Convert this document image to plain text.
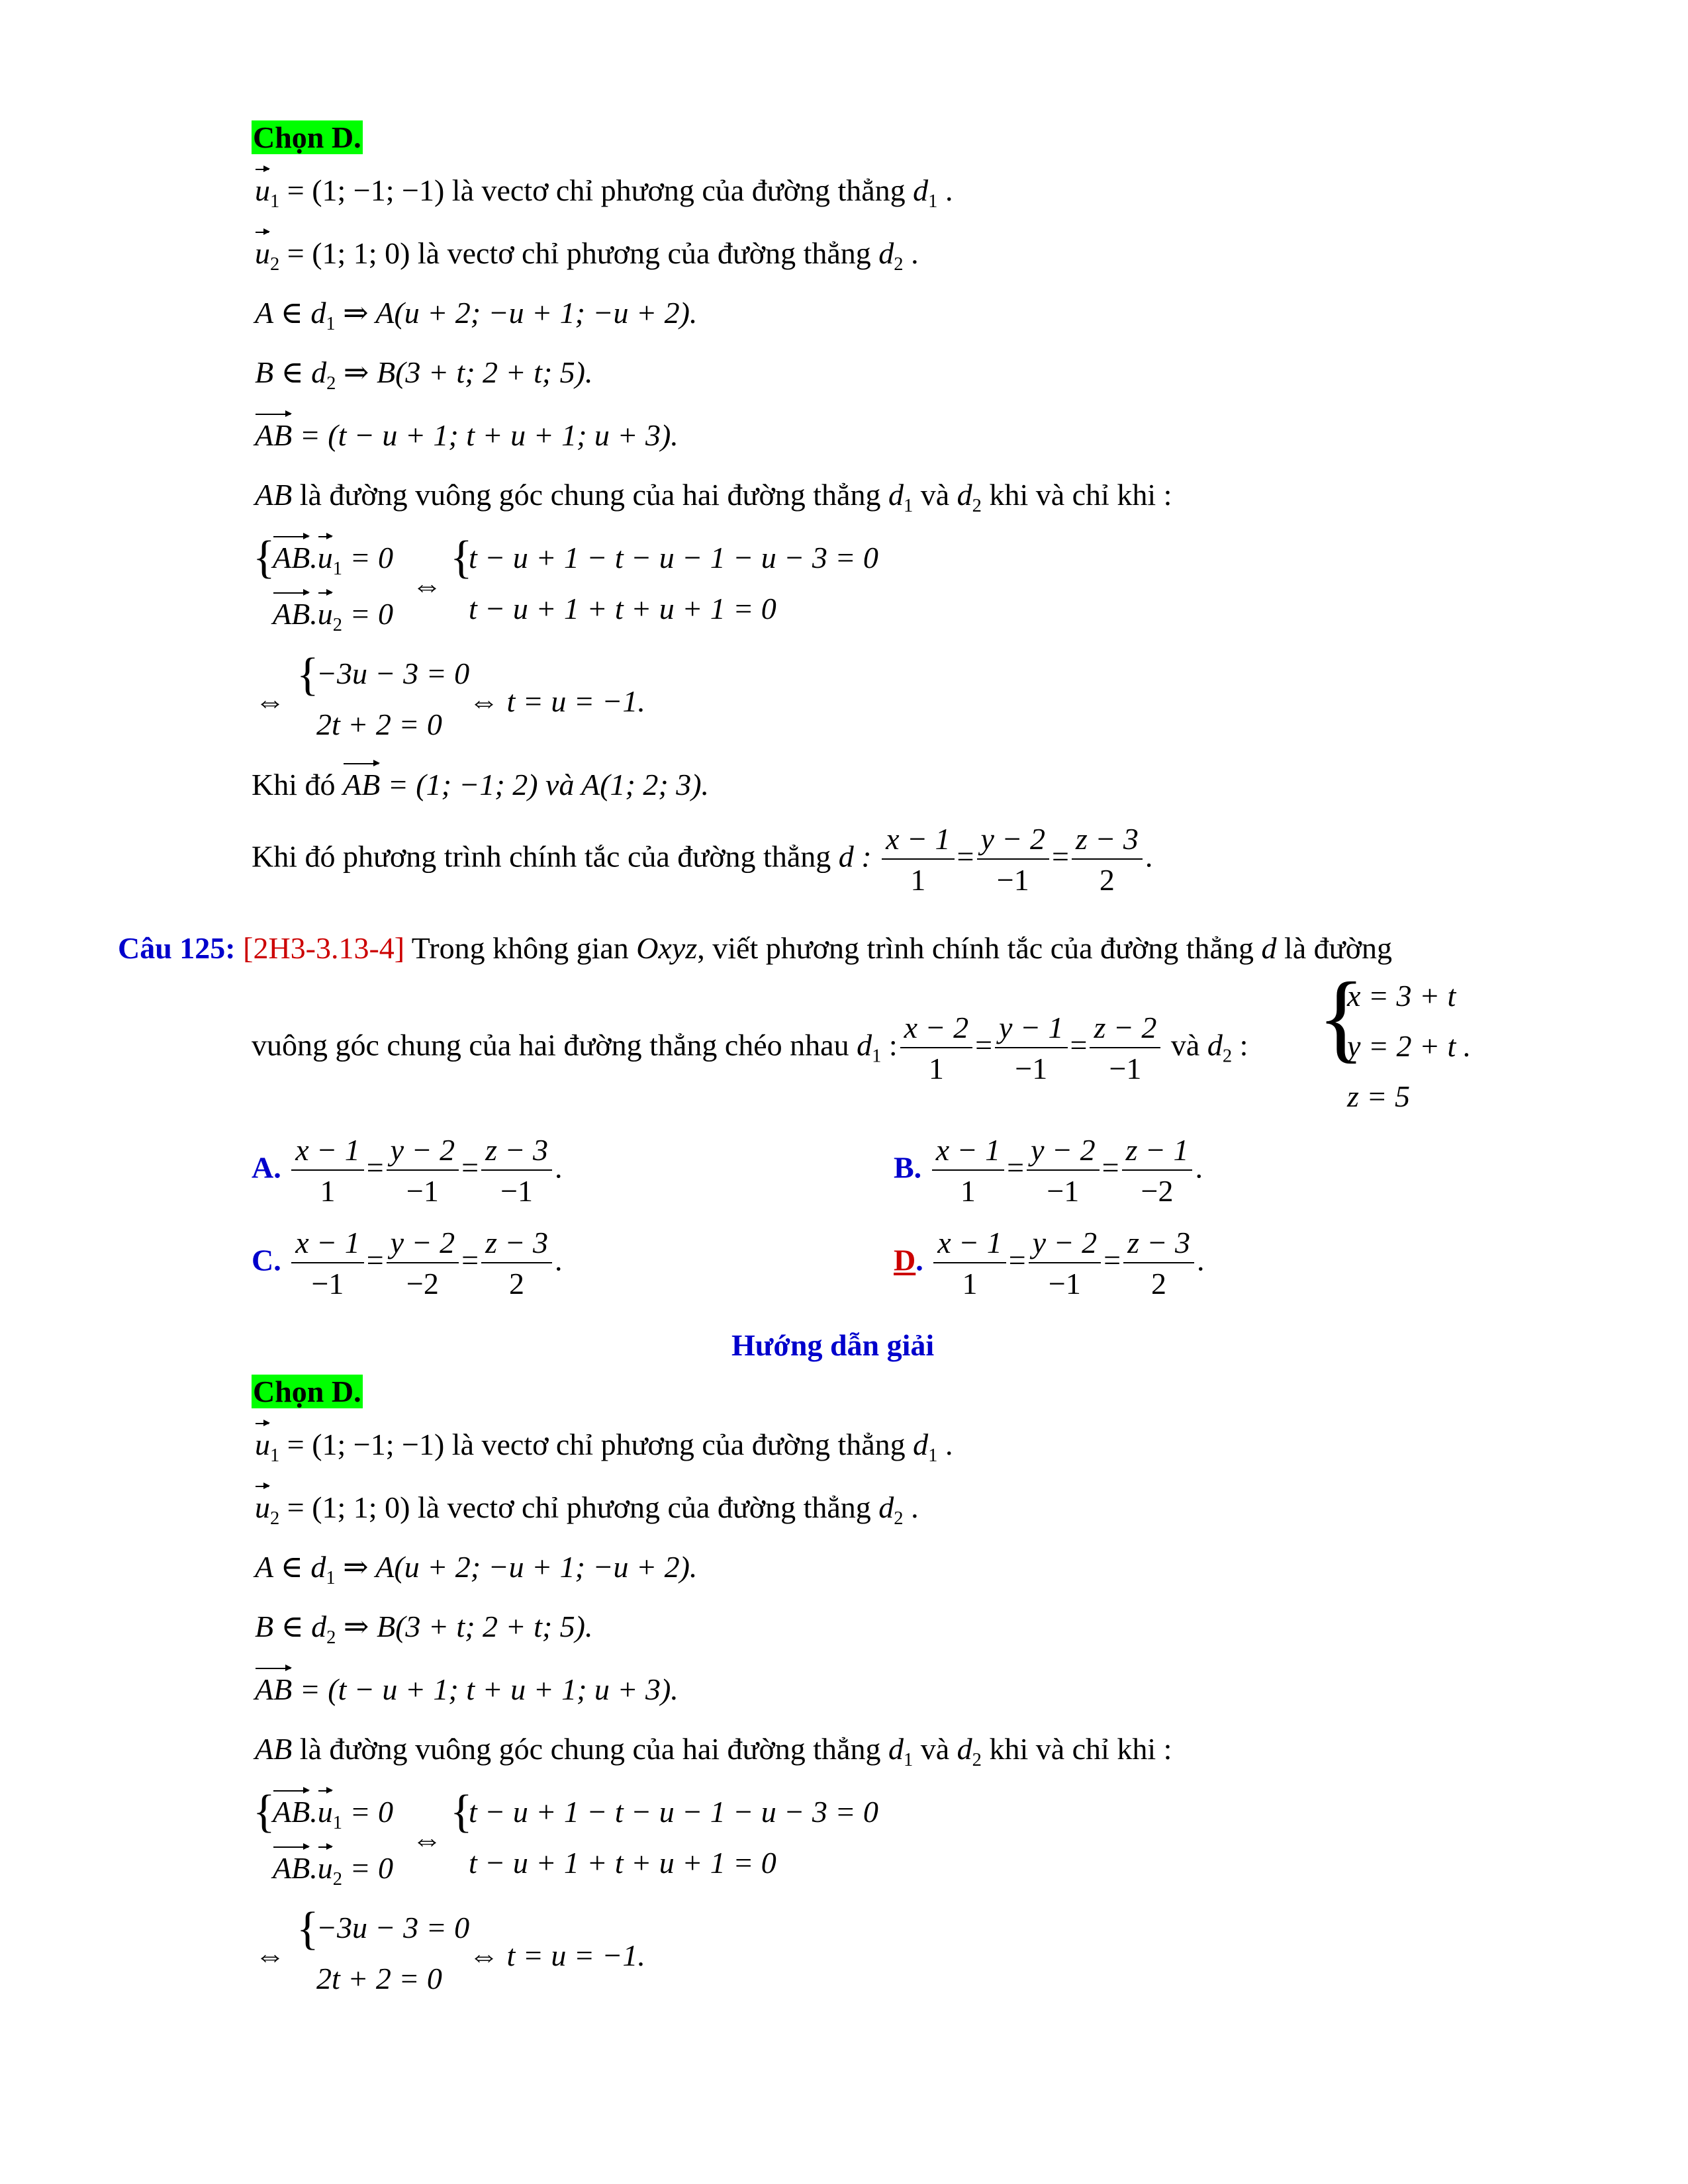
Chọn D.
$u_1 = (1$; −1; −1) là vectơ chỉ phương của đường thẳng $d_1$ .
$u_2 = (1$; 1; 0) là vectơ chỉ phương của đường thẳng $d_2$ .
A ∈ $d_1$ ⇒ A(u + 2; −u + 1; −u + 2).
B ∈ $d_2$ ⇒ B(3 + t; 2 + t; 5).
AB = (t − u + 1; t + u + 1; u + 3).
AB là đường vuông góc chung của hai đường thẳng $d_1$ và $d_2$ khi và chỉ khi :
{
$AB.u_1 = 0$
$AB.u_2 = 0$
⇔
{
t − u + 1 − t − u − 1 − u − 3 = 0
t − u + 1 + t + u + 1 = 0
⇔
{
−3u − 3 = 0
2t + 2 = 0
⇔ t = u = −1.
Khi đó AB = (1; −1; 2) và A(1; 2; 3).
Khi đó phương trình chính tắc của đường thẳng d : $\frac{x - 1}{1} = \frac{y - 2}{-1} = \frac{z - 3}{2}$ .
Câu 125: [2H3-3.13-4] Trong không gian Oxyz, viết phương trình chính tắc của đường thẳng d là đường
vuông góc chung của hai đường thẳng chéo nhau $d_1$ : $\frac{x - 2}{1} = \frac{y - 1}{-1} = \frac{z - 2}{-1}$ và $d_2$ : {
x = 3 + t
y = 2 + t .
z = 5
A. $\frac{x - 1}{1} = \frac{y - 2}{-1} = \frac{z - 3}{-1}$ .	B. $\frac{x - 1}{1} = \frac{y - 2}{-1} = \frac{z - 1}{-2}$ .
C. $\frac{x - 1}{-1} = \frac{y - 2}{-2} = \frac{z - 3}{2}$ .	D. $\frac{x - 1}{1} = \frac{y - 2}{-1} = \frac{z - 3}{2}$ .
Hướng dẫn giải
Chọn D.
$u_1 = (1$; −1; −1) là vectơ chỉ phương của đường thẳng $d_1$ .
$u_2 = (1$; 1; 0) là vectơ chỉ phương của đường thẳng $d_2$ .
A ∈ $d_1$ ⇒ A(u + 2; −u + 1; −u + 2).
B ∈ $d_2$ ⇒ B(3 + t; 2 + t; 5).
AB = (t − u + 1; t + u + 1; u + 3).
AB là đường vuông góc chung của hai đường thẳng $d_1$ và $d_2$ khi và chỉ khi :
{
$AB.u_1 = 0$
$AB.u_2 = 0$
⇔
{
t − u + 1 − t − u − 1 − u − 3 = 0
t − u + 1 + t + u + 1 = 0
⇔
{
−3u − 3 = 0
2t + 2 = 0
⇔ t = u = −1.
